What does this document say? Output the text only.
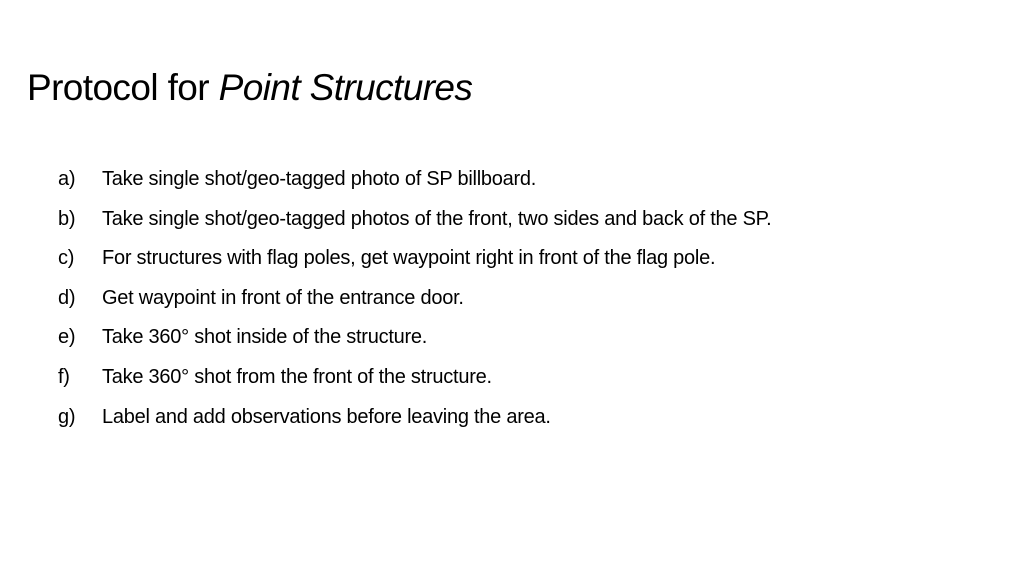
Protocol for Point Structures
a)	Take single shot/geo-tagged photo of SP billboard.
b)	Take single shot/geo-tagged photos of the front, two sides and back of the SP.
c)	For structures with flag poles, get waypoint right in front of the flag pole.
d)	Get waypoint in front of the entrance door.
e)	Take 360° shot inside of the structure.
f)	Take 360° shot from the front of the structure.
g)	Label and add observations before leaving the area.
